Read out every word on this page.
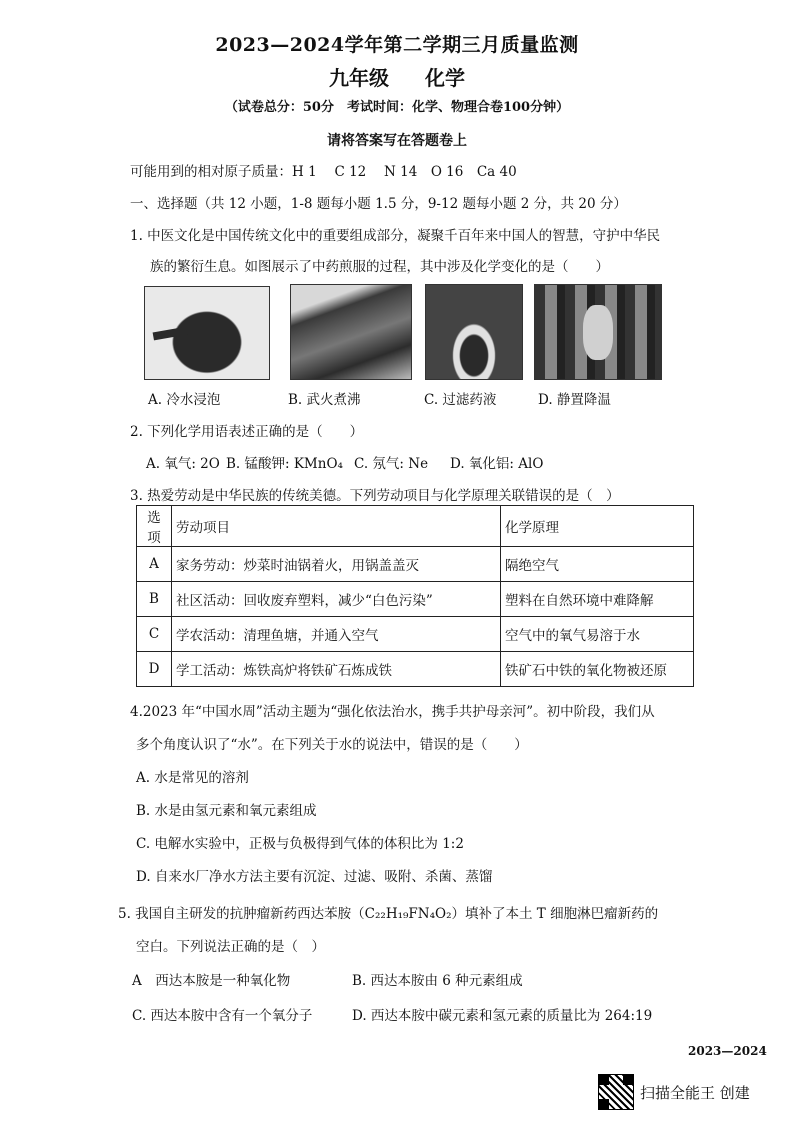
2023—2024学年第二学期三月质量监测
九年级 化学
（试卷总分：50分　考试时间：化学、物理合卷100分钟）
请将答案写在答题卷上
可能用到的相对原子质量：H 1　 C 12　 N 14　O 16　Ca 40
一、选择题（共 12 小题，1-8 题每小题 1.5 分，9-12 题每小题 2 分，共 20 分）
1. 中医文化是中国传统文化中的重要组成部分，凝聚千百年来中国人的智慧，守护中华民
族的繁衍生息。如图展示了中药煎服的过程，其中涉及化学变化的是（　　）
A. 冷水浸泡	B. 武火煮沸	C. 过滤药液	D. 静置降温
2. 下列化学用语表述正确的是（　　）
A. 氧气: 2O B. 锰酸钾: KMnO₄ C. 氖气: Ne D. 氧化铝: AlO
3. 热爱劳动是中华民族的传统美德。下列劳动项目与化学原理关联错误的是（　）
选项	劳动项目	化学原理
A	家务劳动：炒菜时油锅着火，用锅盖盖灭	隔绝空气
B	社区活动：回收废弃塑料，减少“白色污染”	塑料在自然环境中难降解
C	学农活动：清理鱼塘，并通入空气	空气中的氧气易溶于水
D	学工活动：炼铁高炉将铁矿石炼成铁	铁矿石中铁的氧化物被还原
4.2023 年“中国水周”活动主题为“强化依法治水，携手共护母亲河”。初中阶段，我们从
多个角度认识了“水”。在下列关于水的说法中，错误的是（　　）
A. 水是常见的溶剂
B. 水是由氢元素和氧元素组成
C. 电解水实验中，正极与负极得到气体的体积比为 1:2
D. 自来水厂净水方法主要有沉淀、过滤、吸附、杀菌、蒸馏
5. 我国自主研发的抗肿瘤新药西达苯胺（C₂₂H₁₉FN₄O₂）填补了本土 T 细胞淋巴瘤新药的
空白。下列说法正确的是（　）
A　西达本胺是一种氧化物	B. 西达本胺由 6 种元素组成
C. 西达本胺中含有一个氧分子	D. 西达本胺中碳元素和氢元素的质量比为 264:19
2023—2024
扫描全能王 创建
